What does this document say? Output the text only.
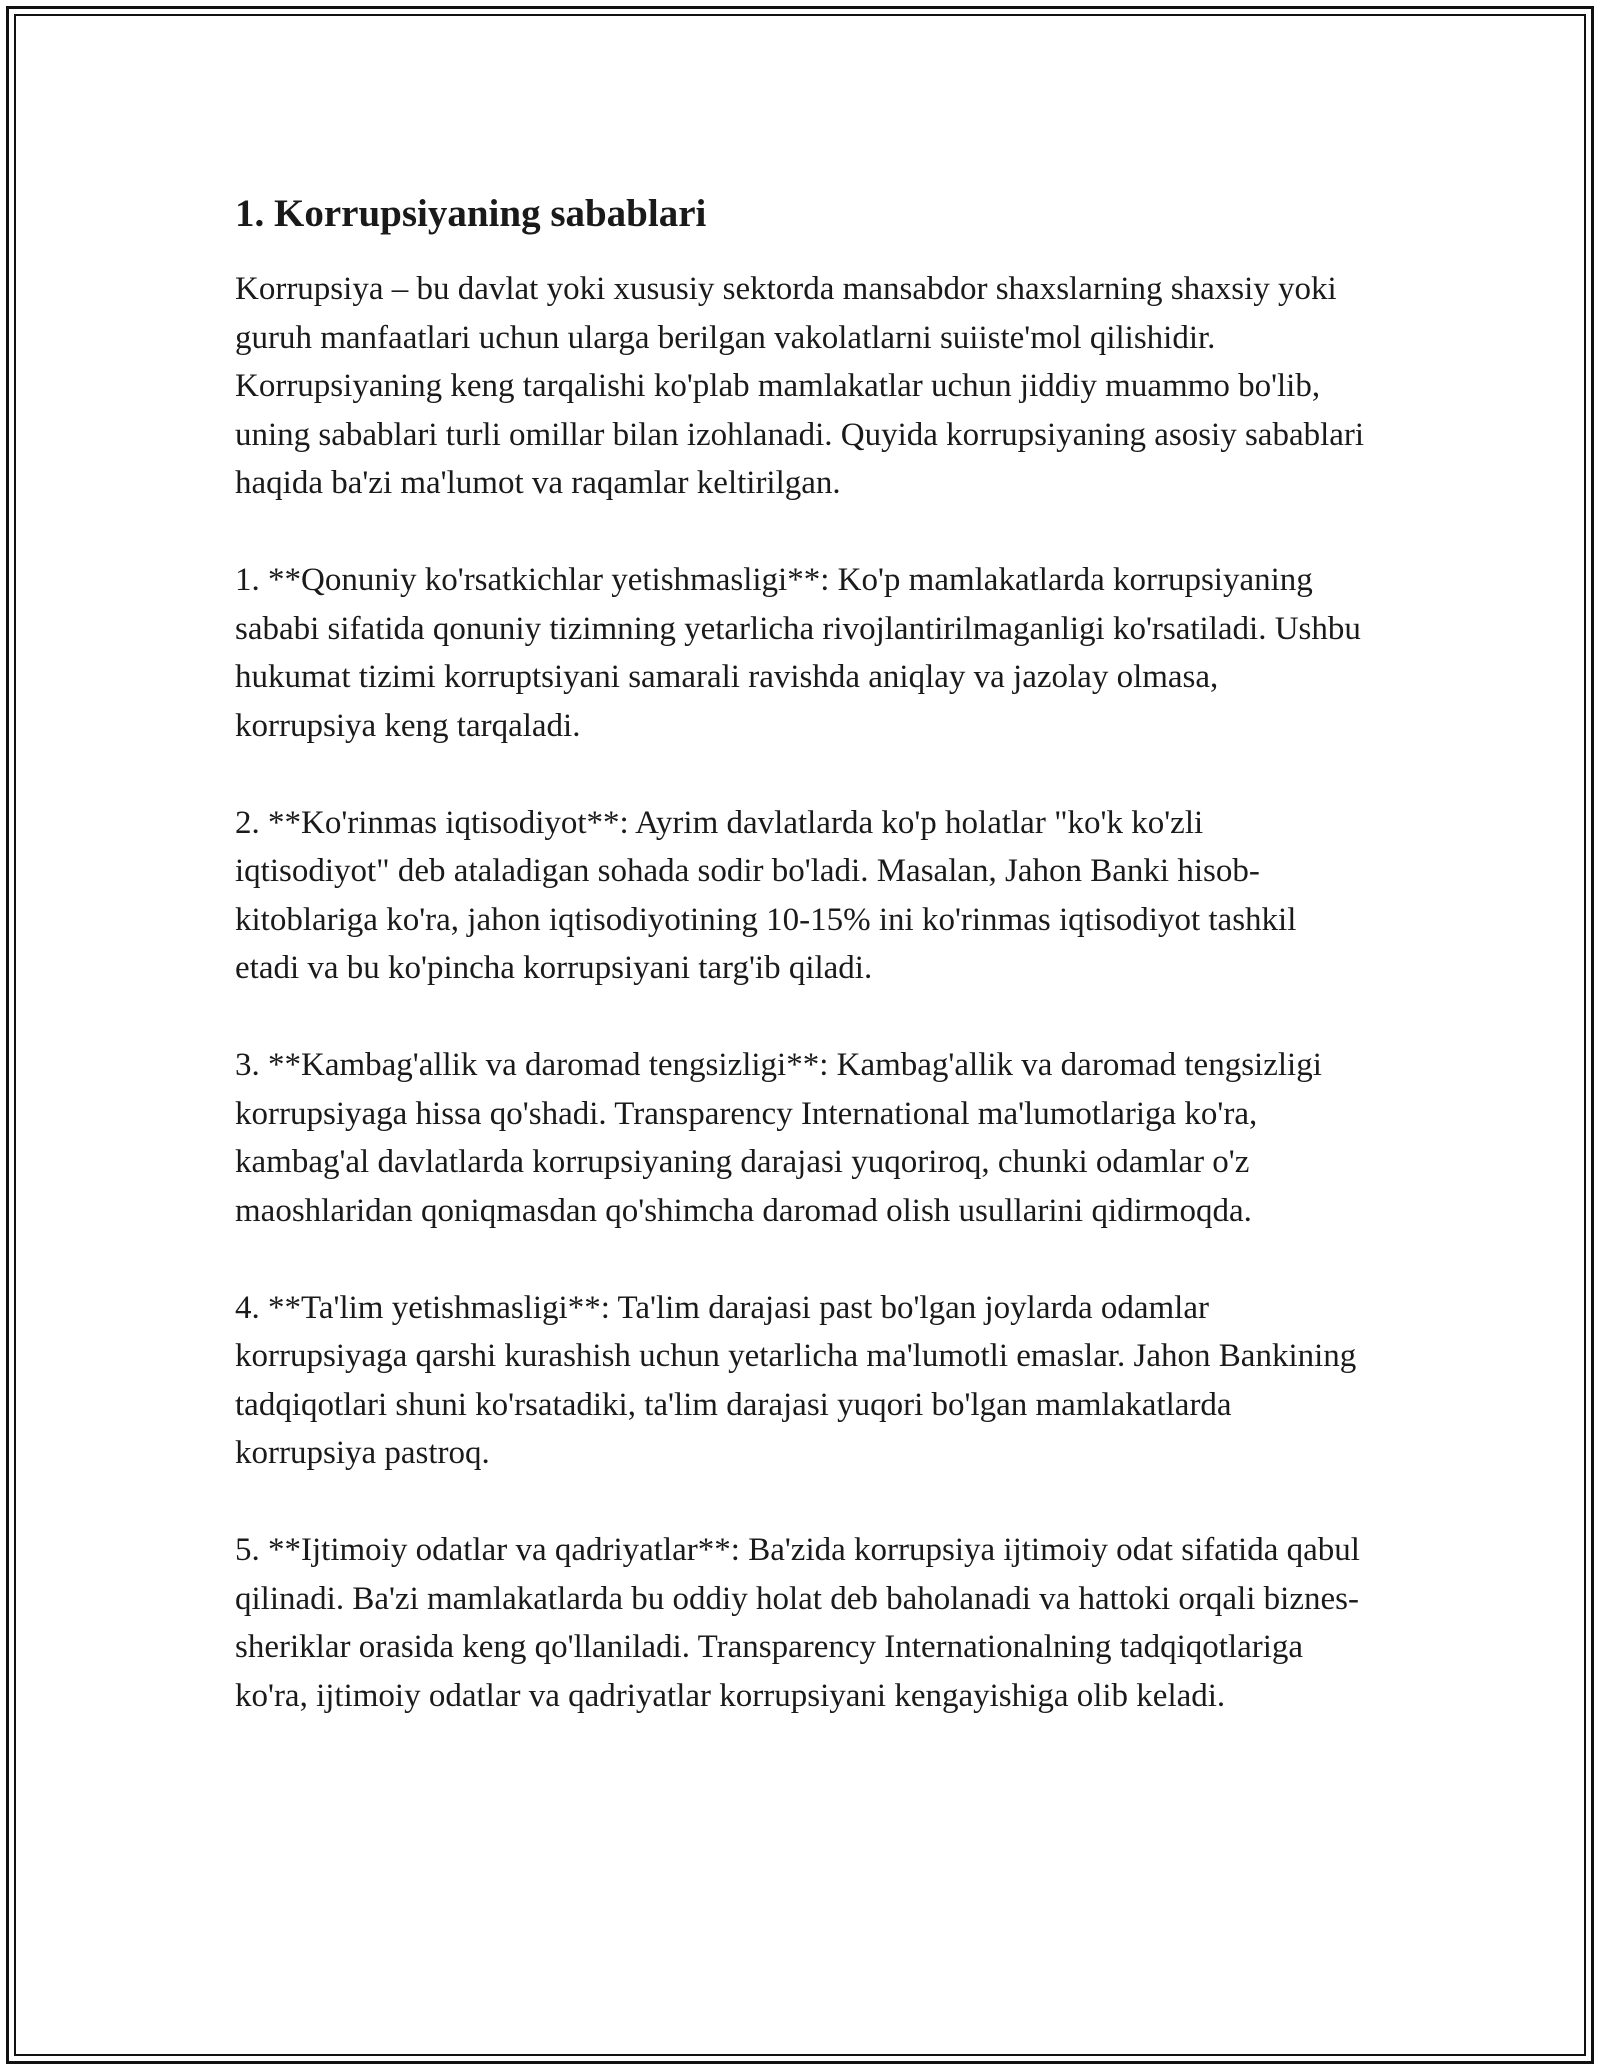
1. Korrupsiyaning sabablari

Korrupsiya – bu davlat yoki xususiy sektorda mansabdor shaxslarning shaxsiy yoki guruh manfaatlari uchun ularga berilgan vakolatlarni suiiste'mol qilishidir. Korrupsiyaning keng tarqalishi ko'plab mamlakatlar uchun jiddiy muammo bo'lib, uning sabablari turli omillar bilan izohlanadi. Quyida korrupsiyaning asosiy sabablari haqida ba'zi ma'lumot va raqamlar keltirilgan.

1. **Qonuniy ko'rsatkichlar yetishmasligi**: Ko'p mamlakatlarda korrupsiyaning sababi sifatida qonuniy tizimning yetarlicha rivojlantirilmaganligi ko'rsatiladi. Ushbu hukumat tizimi korruptsiyani samarali ravishda aniqlay va jazolay olmasa, korrupsiya keng tarqaladi.

2. **Ko'rinmas iqtisodiyot**: Ayrim davlatlarda ko'p holatlar "ko'k ko'zli iqtisodiyot" deb ataladigan sohada sodir bo'ladi. Masalan, Jahon Banki hisob-kitoblariga ko'ra, jahon iqtisodiyotining 10-15% ini ko'rinmas iqtisodiyot tashkil etadi va bu ko'pincha korrupsiyani targ'ib qiladi.

3. **Kambag'allik va daromad tengsizligi**: Kambag'allik va daromad tengsizligi korrupsiyaga hissa qo'shadi. Transparency International ma'lumotlariga ko'ra, kambag'al davlatlarda korrupsiyaning darajasi yuqoriroq, chunki odamlar o'z maoshlaridan qoniqmasdan qo'shimcha daromad olish usullarini qidirmoqda.

4. **Ta'lim yetishmasligi**: Ta'lim darajasi past bo'lgan joylarda odamlar korrupsiyaga qarshi kurashish uchun yetarlicha ma'lumotli emaslar. Jahon Bankining tadqiqotlari shuni ko'rsatadiki, ta'lim darajasi yuqori bo'lgan mamlakatlarda korrupsiya pastroq.

5. **Ijtimoiy odatlar va qadriyatlar**: Ba'zida korrupsiya ijtimoiy odat sifatida qabul qilinadi. Ba'zi mamlakatlarda bu oddiy holat deb baholanadi va hattoki orqali biznes-sheriklar orasida keng qo'llaniladi. Transparency Internationalning tadqiqotlariga ko'ra, ijtimoiy odatlar va qadriyatlar korrupsiyani kengayishiga olib keladi.
